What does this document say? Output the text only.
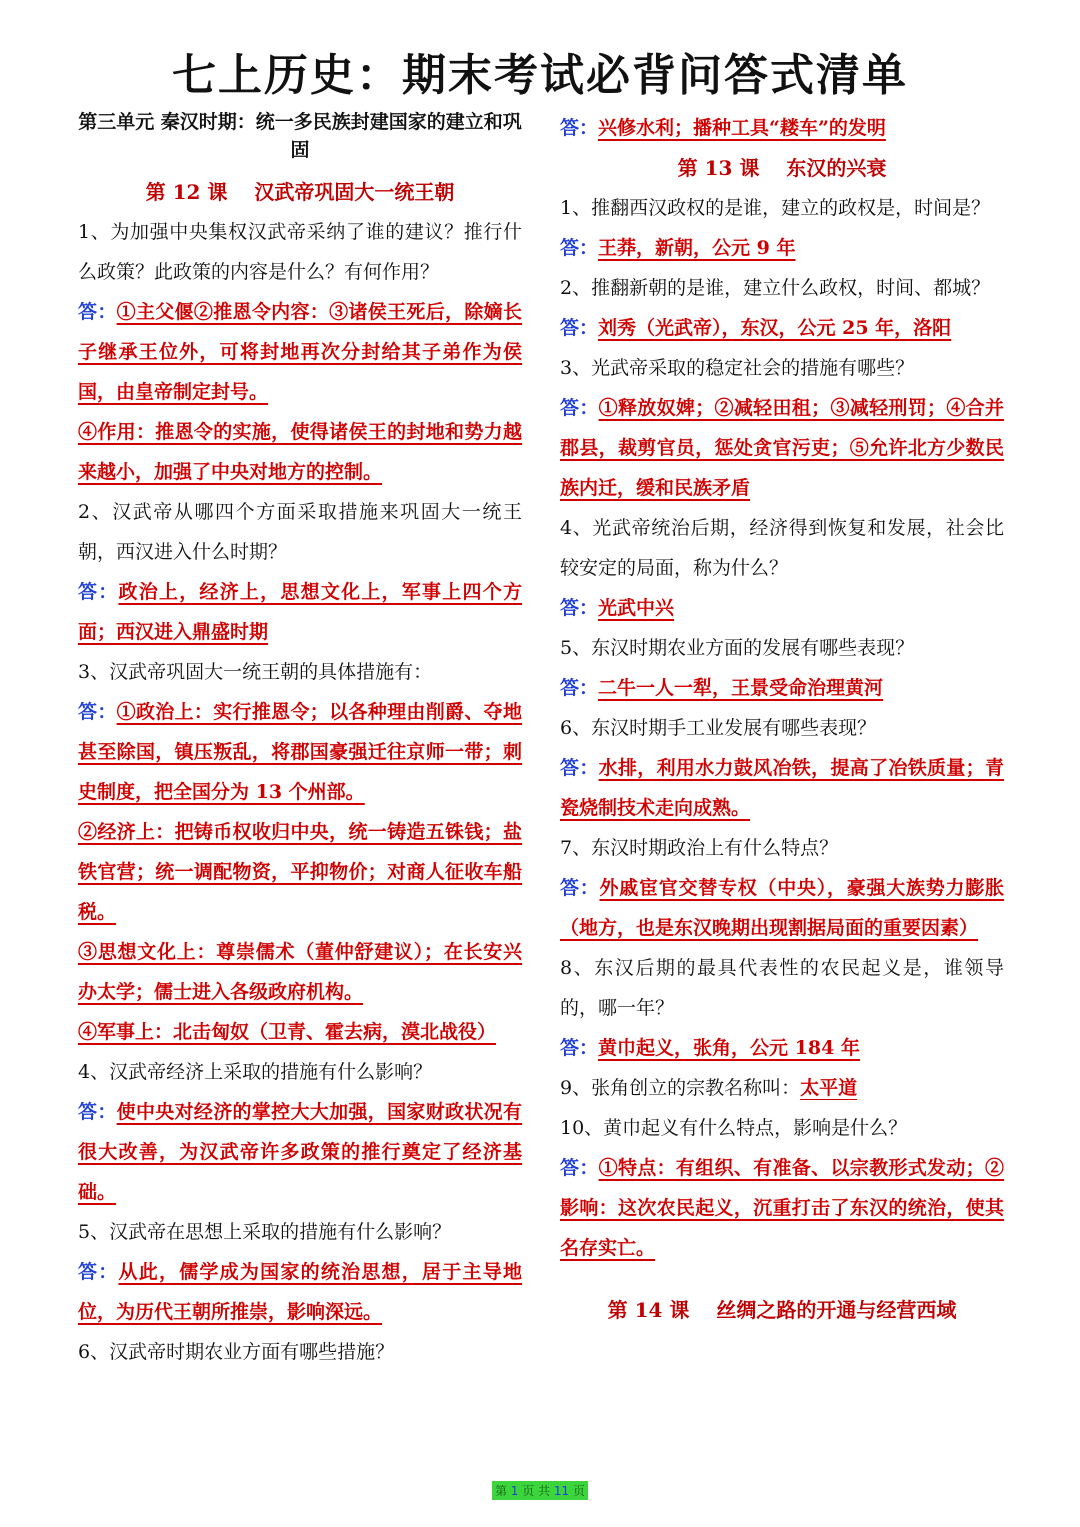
七上历史：期末考试必背问答式清单

第三单元 秦汉时期：统一多民族封建国家的建立和巩固

第 12 课　 汉武帝巩固大一统王朝

1、为加强中央集权汉武帝采纳了谁的建议？推行什么政策？此政策的内容是什么？有何作用？

答：①主父偃②推恩令内容：③诸侯王死后，除嫡长子继承王位外，可将封地再次分封给其子弟作为侯国，由皇帝制定封号。

④作用：推恩令的实施，使得诸侯王的封地和势力越来越小，加强了中央对地方的控制。

2、汉武帝从哪四个方面采取措施来巩固大一统王朝，西汉进入什么时期？

答：政治上，经济上，思想文化上，军事上四个方面；西汉进入鼎盛时期

3、汉武帝巩固大一统王朝的具体措施有：

答：①政治上：实行推恩令；以各种理由削爵、夺地甚至除国，镇压叛乱，将郡国豪强迁往京师一带；刺史制度，把全国分为 13 个州部。

②经济上：把铸币权收归中央，统一铸造五铢钱；盐铁官营；统一调配物资，平抑物价；对商人征收车船税。

③思想文化上：尊崇儒术（董仲舒建议）；在长安兴办太学；儒士进入各级政府机构。

④军事上：北击匈奴（卫青、霍去病，漠北战役）

4、汉武帝经济上采取的措施有什么影响？

答：使中央对经济的掌控大大加强，国家财政状况有很大改善，为汉武帝许多政策的推行奠定了经济基础。

5、汉武帝在思想上采取的措施有什么影响？

答：从此，儒学成为国家的统治思想，居于主导地位，为历代王朝所推崇，影响深远。

6、汉武帝时期农业方面有哪些措施？

答：兴修水利；播种工具“耧车”的发明

第 13 课　 东汉的兴衰

1、推翻西汉政权的是谁，建立的政权是，时间是？

答：王莽，新朝，公元 9 年

2、推翻新朝的是谁，建立什么政权，时间、都城？

答：刘秀（光武帝），东汉，公元 25 年，洛阳

3、光武帝采取的稳定社会的措施有哪些？

答：①释放奴婢；②减轻田租；③减轻刑罚；④合并郡县，裁剪官员，惩处贪官污吏；⑤允许北方少数民族内迁，缓和民族矛盾

4、光武帝统治后期，经济得到恢复和发展，社会比较安定的局面，称为什么？

答：光武中兴

5、东汉时期农业方面的发展有哪些表现？

答：二牛一人一犁，王景受命治理黄河

6、东汉时期手工业发展有哪些表现？

答：水排，利用水力鼓风冶铁，提高了冶铁质量；青瓷烧制技术走向成熟。

7、东汉时期政治上有什么特点？

答：外戚宦官交替专权（中央），豪强大族势力膨胀（地方，也是东汉晚期出现割据局面的重要因素）

8、东汉后期的最具代表性的农民起义是，谁领导的，哪一年？

答：黄巾起义，张角，公元 184 年

9、张角创立的宗教名称叫：太平道

10、黄巾起义有什么特点，影响是什么？

答：①特点：有组织、有准备、以宗教形式发动；②影响：这次农民起义，沉重打击了东汉的统治，使其名存实亡。

第 14 课　 丝绸之路的开通与经营西域

第 1 页 共 11 页
